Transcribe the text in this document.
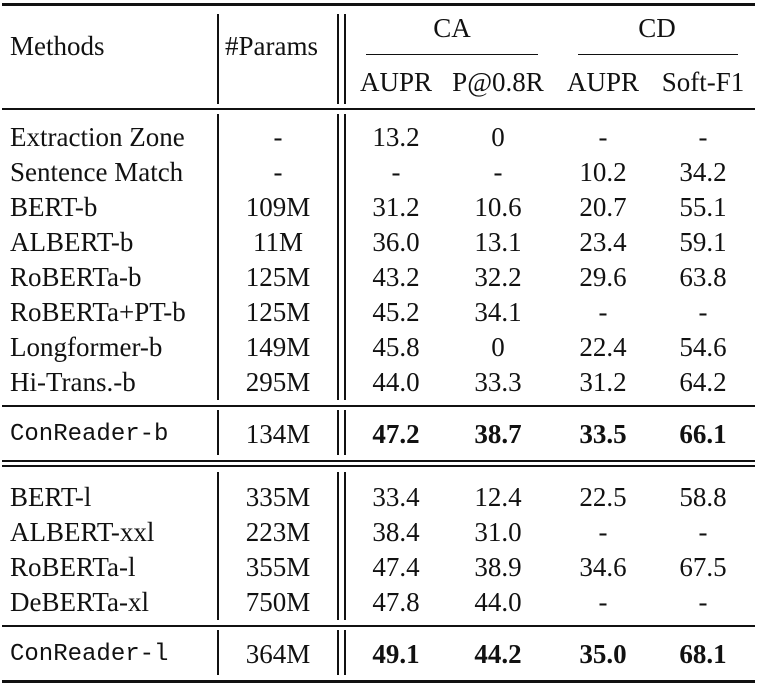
Methods	#Params
CA	CD
AUPR P@0.8R AUPR Soft-F1
Extraction Zone	-	13.2	0	-	-
Sentence Match	-	-	-	10.2 34.2
BERT-b	109M 31.2 10.6 20.7 55.1
ALBERT-b	11M	36.0 13.1 23.4 59.1
RoBERTa-b	125M 43.2 32.2 29.6 63.8
RoBERTa+PT-b 125M 45.2 34.1	-	-
Longformer-b	149M 45.8	0	22.4 54.6
Hi-Trans.-b	295M 44.0 33.3 31.2 64.2
ConReader-b	134M 47.2 38.7 33.5 66.1
BERT-l	335M 33.4 12.4 22.5 58.8
ALBERT-xxl	223M 38.4 31.0	-	-
RoBERTa-l	355M 47.4 38.9 34.6 67.5
DeBERTa-xl	750M 47.8 44.0	-	-
ConReader-l	364M 49.1 44.2 35.0 68.1
